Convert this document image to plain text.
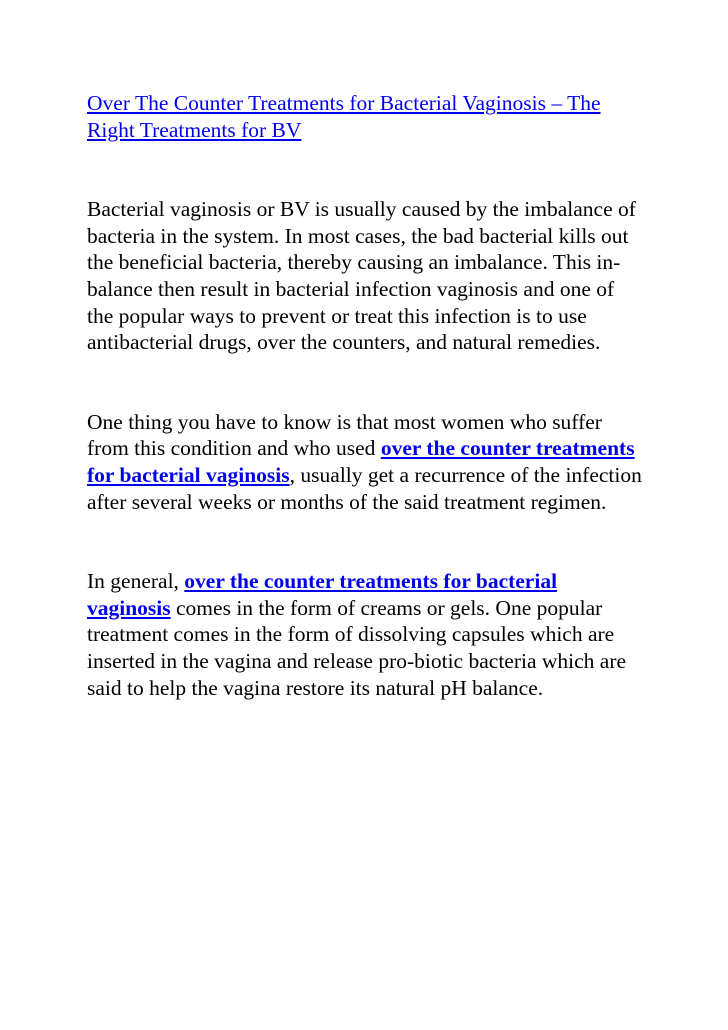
Over The Counter Treatments for Bacterial Vaginosis – The Right Treatments for BV

Bacterial vaginosis or BV is usually caused by the imbalance of bacteria in the system. In most cases, the bad bacterial kills out the beneficial bacteria, thereby causing an imbalance. This in-balance then result in bacterial infection vaginosis and one of the popular ways to prevent or treat this infection is to use antibacterial drugs, over the counters, and natural remedies.

One thing you have to know is that most women who suffer from this condition and who used over the counter treatments for bacterial vaginosis, usually get a recurrence of the infection after several weeks or months of the said treatment regimen.

In general, over the counter treatments for bacterial vaginosis comes in the form of creams or gels. One popular treatment comes in the form of dissolving capsules which are inserted in the vagina and release pro-biotic bacteria which are said to help the vagina restore its natural pH balance.
